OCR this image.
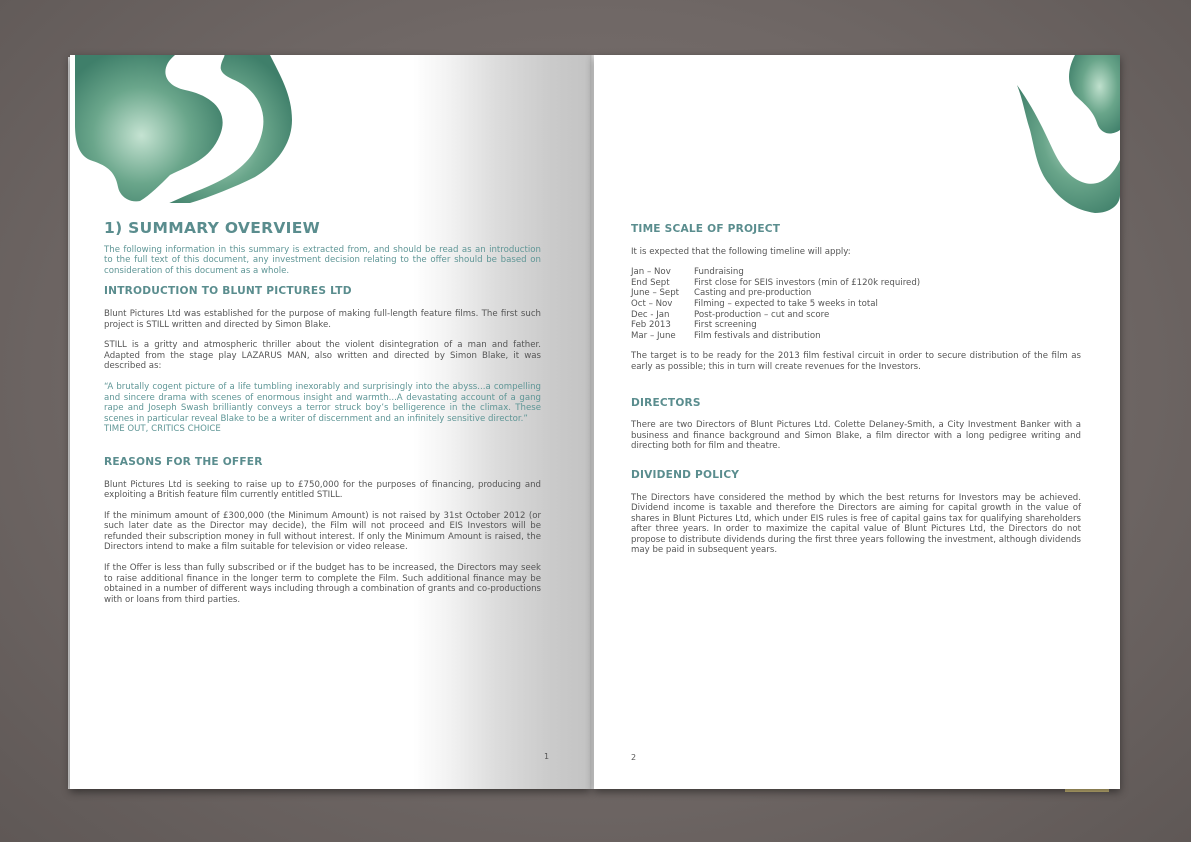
1) SUMMARY OVERVIEW

The following information in this summary is extracted from, and should be read as an introduction to the full text of this document, any investment decision relating to the offer should be based on consideration of this document as a whole.

INTRODUCTION TO BLUNT PICTURES LTD

Blunt Pictures Ltd was established for the purpose of making full-length feature films. The first such project is STILL written and directed by Simon Blake.

STILL is a gritty and atmospheric thriller about the violent disintegration of a man and father. Adapted from the stage play LAZARUS MAN, also written and directed by Simon Blake, it was described as:

“A brutally cogent picture of a life tumbling inexorably and surprisingly into the abyss...a compelling and sincere drama with scenes of enormous insight and warmth...A devastating account of a gang rape and Joseph Swash brilliantly conveys a terror struck boy’s belligerence in the climax. These scenes in particular reveal Blake to be a writer of discernment and an infinitely sensitive director.”

TIME OUT, CRITICS CHOICE

REASONS FOR THE OFFER

Blunt Pictures Ltd is seeking to raise up to £750,000 for the purposes of financing, producing and exploiting a British feature film currently entitled STILL.

If the minimum amount of £300,000 (the Minimum Amount) is not raised by 31st October 2012 (or such later date as the Director may decide), the Film will not proceed and EIS Investors will be refunded their subscription money in full without interest. If only the Minimum Amount is raised, the Directors intend to make a film suitable for television or video release.

If the Offer is less than fully subscribed or if the budget has to be increased, the Directors may seek to raise additional finance in the longer term to complete the Film. Such additional finance may be obtained in a number of different ways including through a combination of grants and co-productions with or loans from third parties.

1
TIME SCALE OF PROJECT

It is expected that the following timeline will apply:

Jan – Nov	Fundraising
End Sept	First close for SEIS investors (min of £120k required)
June – Sept	Casting and pre-production
Oct – Nov	Filming – expected to take 5 weeks in total
Dec - Jan	Post-production – cut and score
Feb 2013	First screening
Mar – June	Film festivals and distribution

The target is to be ready for the 2013 film festival circuit in order to secure distribution of the film as early as possible; this in turn will create revenues for the Investors.

DIRECTORS

There are two Directors of Blunt Pictures Ltd. Colette Delaney-Smith, a City Investment Banker with a business and finance background and Simon Blake, a film director with a long pedigree writing and directing both for film and theatre.

DIVIDEND POLICY

The Directors have considered the method by which the best returns for Investors may be achieved. Dividend income is taxable and therefore the Directors are aiming for capital growth in the value of shares in Blunt Pictures Ltd, which under EIS rules is free of capital gains tax for qualifying shareholders after three years. In order to maximize the capital value of Blunt Pictures Ltd, the Directors do not propose to distribute dividends during the first three years following the investment, although dividends may be paid in subsequent years.

2
